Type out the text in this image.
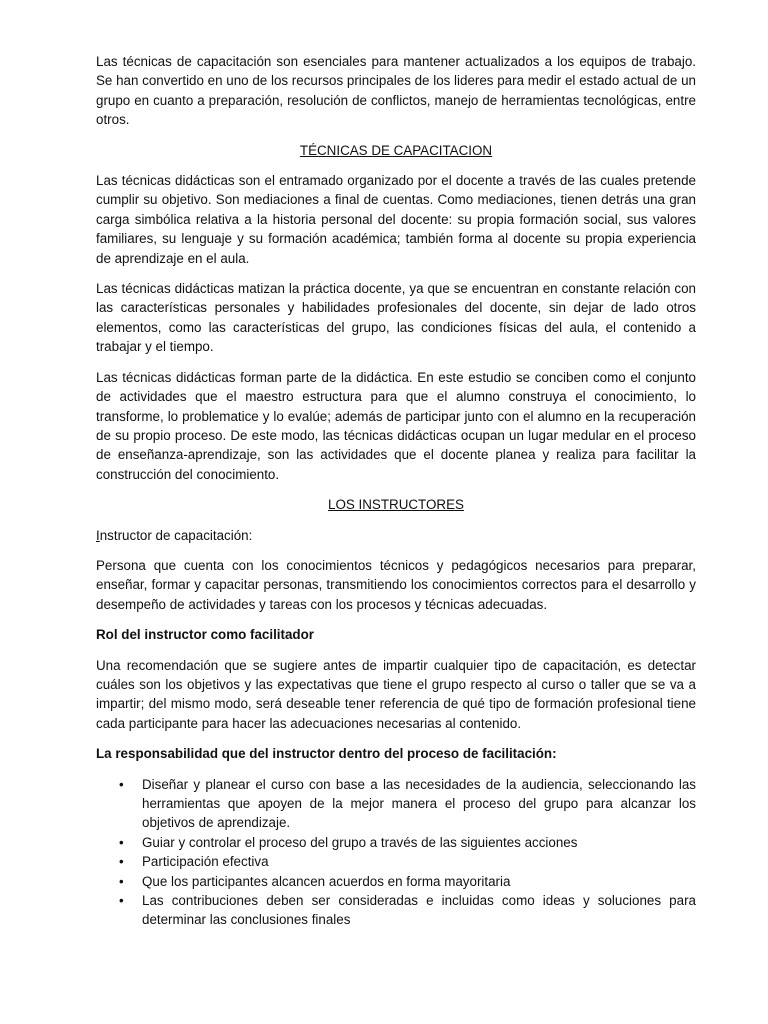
Las técnicas de capacitación son esenciales para mantener actualizados a los equipos de trabajo. Se han convertido en uno de los recursos principales de los lideres para medir el estado actual de un grupo en cuanto a preparación, resolución de conflictos, manejo de herramientas tecnológicas, entre otros.

TÉCNICAS DE CAPACITACION

Las técnicas didácticas son el entramado organizado por el docente a través de las cuales pretende cumplir su objetivo. Son mediaciones a final de cuentas. Como mediaciones, tienen detrás una gran carga simbólica relativa a la historia personal del docente: su propia formación social, sus valores familiares, su lenguaje y su formación académica; también forma al docente su propia experiencia de aprendizaje en el aula.

Las técnicas didácticas matizan la práctica docente, ya que se encuentran en constante relación con las características personales y habilidades profesionales del docente, sin dejar de lado otros elementos, como las características del grupo, las condiciones físicas del aula, el contenido a trabajar y el tiempo.

Las técnicas didácticas forman parte de la didáctica. En este estudio se conciben como el conjunto de actividades que el maestro estructura para que el alumno construya el conocimiento, lo transforme, lo problematice y lo evalúe; además de participar junto con el alumno en la recuperación de su propio proceso. De este modo, las técnicas didácticas ocupan un lugar medular en el proceso de enseñanza-aprendizaje, son las actividades que el docente planea y realiza para facilitar la construcción del conocimiento.

LOS INSTRUCTORES

Instructor de capacitación:

Persona que cuenta con los conocimientos técnicos y pedagógicos necesarios para preparar, enseñar, formar y capacitar personas, transmitiendo los conocimientos correctos para el desarrollo y desempeño de actividades y tareas con los procesos y técnicas adecuadas.

Rol del instructor como facilitador

Una recomendación que se sugiere antes de impartir cualquier tipo de capacitación, es detectar cuáles son los objetivos y las expectativas que tiene el grupo respecto al curso o taller que se va a impartir; del mismo modo, será deseable tener referencia de qué tipo de formación profesional tiene cada participante para hacer las adecuaciones necesarias al contenido.

La responsabilidad que del instructor dentro del proceso de facilitación:

• Diseñar y planear el curso con base a las necesidades de la audiencia, seleccionando las herramientas que apoyen de la mejor manera el proceso del grupo para alcanzar los objetivos de aprendizaje.
• Guiar y controlar el proceso del grupo a través de las siguientes acciones
• Participación efectiva
• Que los participantes alcancen acuerdos en forma mayoritaria
• Las contribuciones deben ser consideradas e incluidas como ideas y soluciones para determinar las conclusiones finales
